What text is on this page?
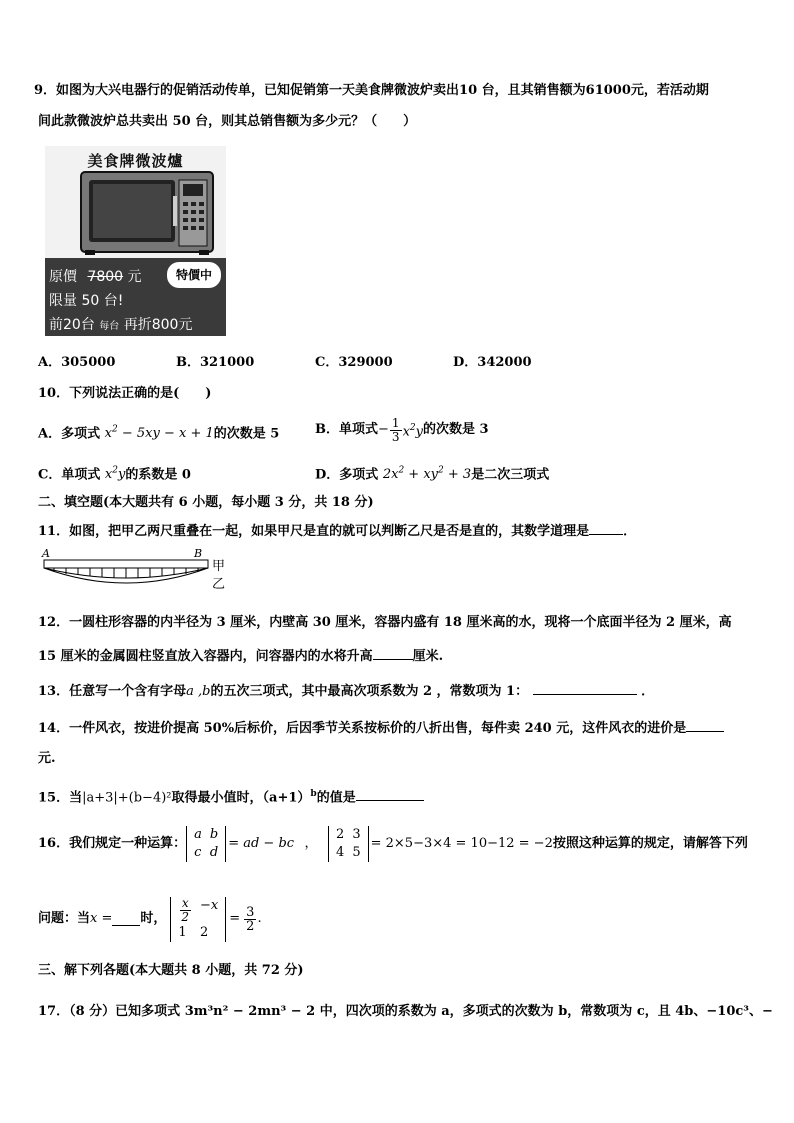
9．如图为大兴电器行的促销活动传单，已知促销第一天美食牌微波炉卖出10 台，且其销售额为61000元，若活动期
间此款微波炉总共卖出 50 台，则其总销售额为多少元？（　　）
美食牌微波爐
原價 7800 元	特價中
限量 50 台!
前20台 每台 再折800元
A．305000	B．321000	C．329000	D．342000
10．下列说法正确的是(　　)
A．多项式 $x^2 - 5xy - x + 1$的次数是 5	B． 单项式 − $\frac{1}{3} x^2y$ 的次数是 3
C．单项式 $x^2y$的系数是 0	D．多项式 $2x^2 + xy^2 + 3$是二次三项式
二、填空题(本大题共有 6 小题，每小题 3 分，共 18 分)
11．如图，把甲乙两尺重叠在一起，如果甲尺是直的就可以判断乙尺是否是直的，其数学道理是	．
A	B
甲
乙
12．一圆柱形容器的内半径为 3 厘米，内壁高 30 厘米，容器内盛有 18 厘米高的水，现将一个底面半径为 2 厘米，高
15 厘米的金属圆柱竖直放入容器内，问容器内的水将升高	厘米.
13．任意写一个含有字母a ,b的五次三项式，其中最高次项系数为 2 ，常数项为 1：	．
14．一件风衣，按进价提高 50%后标价，后因季节关系按标价的八折出售，每件卖 240 元，这件风衣的进价是
元.
15．当|a+3|+(b−4)²取得最小值时，$(a+1)^b$的值是
16．我们规定一种运算：
a	b
c	d
= ad − bc ，
2	3
4	5
= 2×5−3×4 = 10−12 = −2 按照这种运算的规定，请解答下列
问题：当 x = 时， $\frac{x}{2}$	−x
1	2
= $\frac{3}{2}$ .
三、解下列各题(本大题共 8 小题，共 72 分)
17．（8 分）已知多项式 3m³n² − 2mn³ − 2 中，四次项的系数为 a，多项式的次数为 b，常数项为 c，且 4b、−10c³、−
